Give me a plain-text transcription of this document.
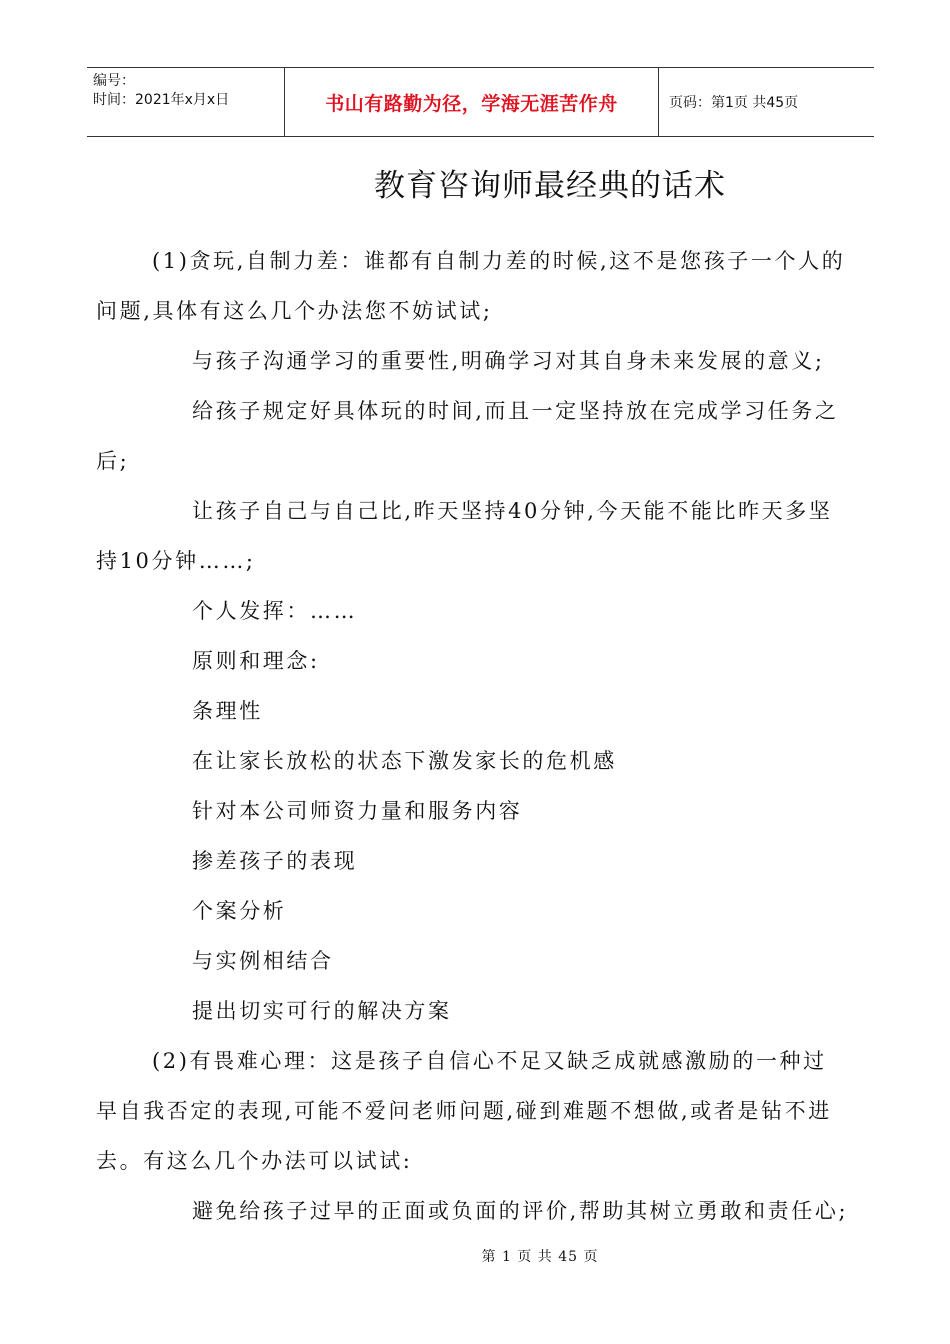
编号：
时间：2021年x月x日	书山有路勤为径，学海无涯苦作舟	页码：第1页 共45页
教育咨询师最经典的话术
(1)贪玩,自制力差：谁都有自制力差的时候,这不是您孩子一个人的
问题,具体有这么几个办法您不妨试试;
与孩子沟通学习的重要性,明确学习对其自身未来发展的意义;
给孩子规定好具体玩的时间,而且一定坚持放在完成学习任务之
后;
让孩子自己与自己比,昨天坚持40分钟,今天能不能比昨天多坚
持10分钟……;
个人发挥：……
原则和理念:
条理性
在让家长放松的状态下激发家长的危机感
针对本公司师资力量和服务内容
掺差孩子的表现
个案分析
与实例相结合
提出切实可行的解决方案
(2)有畏难心理：这是孩子自信心不足又缺乏成就感激励的一种过
早自我否定的表现,可能不爱问老师问题,碰到难题不想做,或者是钻不进
去。有这么几个办法可以试试:
避免给孩子过早的正面或负面的评价,帮助其树立勇敢和责任心;
第 1 页 共 45 页
